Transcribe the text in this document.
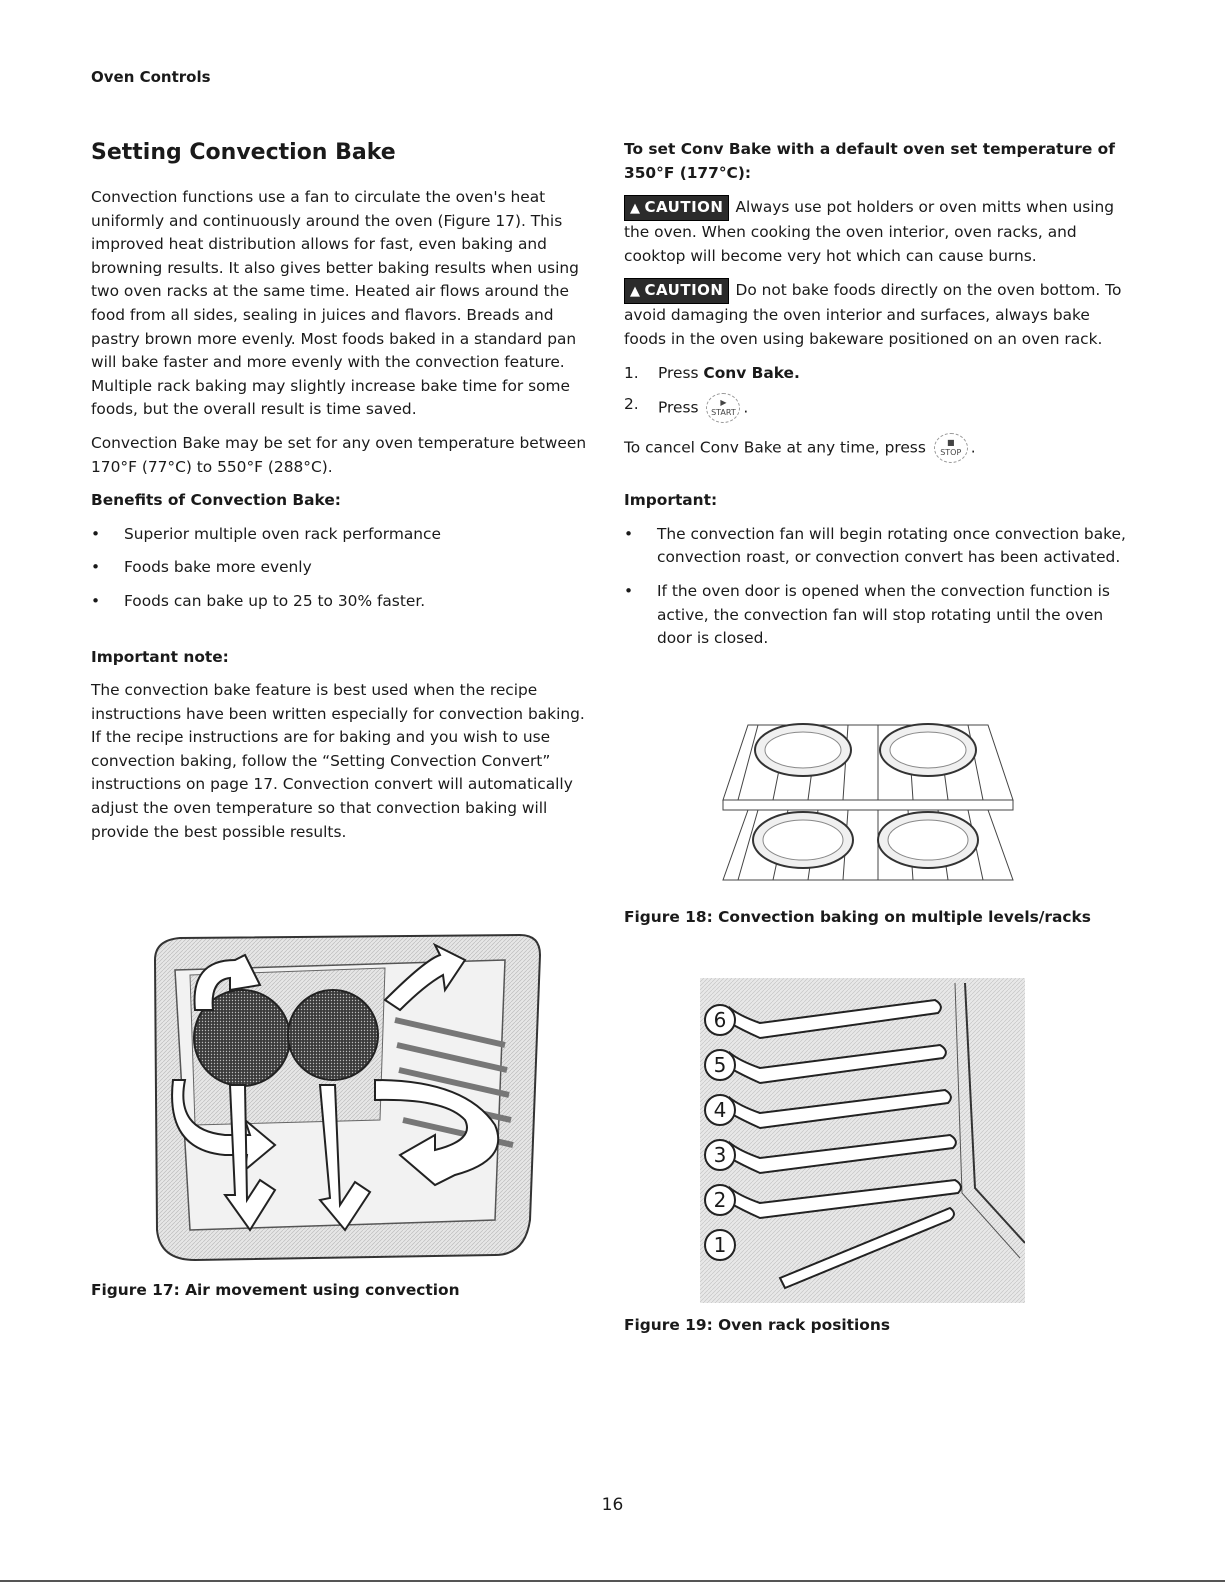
Oven Controls
Setting Convection Bake

Convection functions use a fan to circulate the oven's heat uniformly and continuously around the oven (Figure 17). This improved heat distribution allows for fast, even baking and browning results. It also gives better baking results when using two oven racks at the same time. Heated air flows around the food from all sides, sealing in juices and flavors. Breads and pastry brown more evenly. Most foods baked in a standard pan will bake faster and more evenly with the convection feature. Multiple rack baking may slightly increase bake time for some foods, but the overall result is time saved.

Convection Bake may be set for any oven temperature between 170°F (77°C) to 550°F (288°C).

Benefits of Convection Bake:
• Superior multiple oven rack performance
• Foods bake more evenly
• Foods can bake up to 25 to 30% faster.
Important note:

The convection bake feature is best used when the recipe instructions have been written especially for convection baking. If the recipe instructions are for baking and you wish to use convection baking, follow the “Setting Convection Convert” instructions on page 17. Convection convert will automatically adjust the oven temperature so that convection baking will provide the best possible results.

Figure 17: Air movement using convection
To set Conv Bake with a default oven set temperature of 350°F (177°C):

▲ CAUTION Always use pot holders or oven mitts when using the oven. When cooking the oven interior, oven racks, and cooktop will become very hot which can cause burns.

▲ CAUTION Do not bake foods directly on the oven bottom. To avoid damaging the oven interior and surfaces, always bake foods in the oven using bakeware positioned on an oven rack.

1. Press Conv Bake.
2. Press	▶
START .

To cancel Conv Bake at any time, press	■
STOP .

Important:
• The convection fan will begin rotating once convection bake, convection roast, or convection convert has been activated.
• If the oven door is opened when the convection function is active, the convection fan will stop rotating until the oven door is closed.
Figure 18: Convection baking on multiple levels/racks
6
5
4
3
2
1
Figure 19: Oven rack positions
16
